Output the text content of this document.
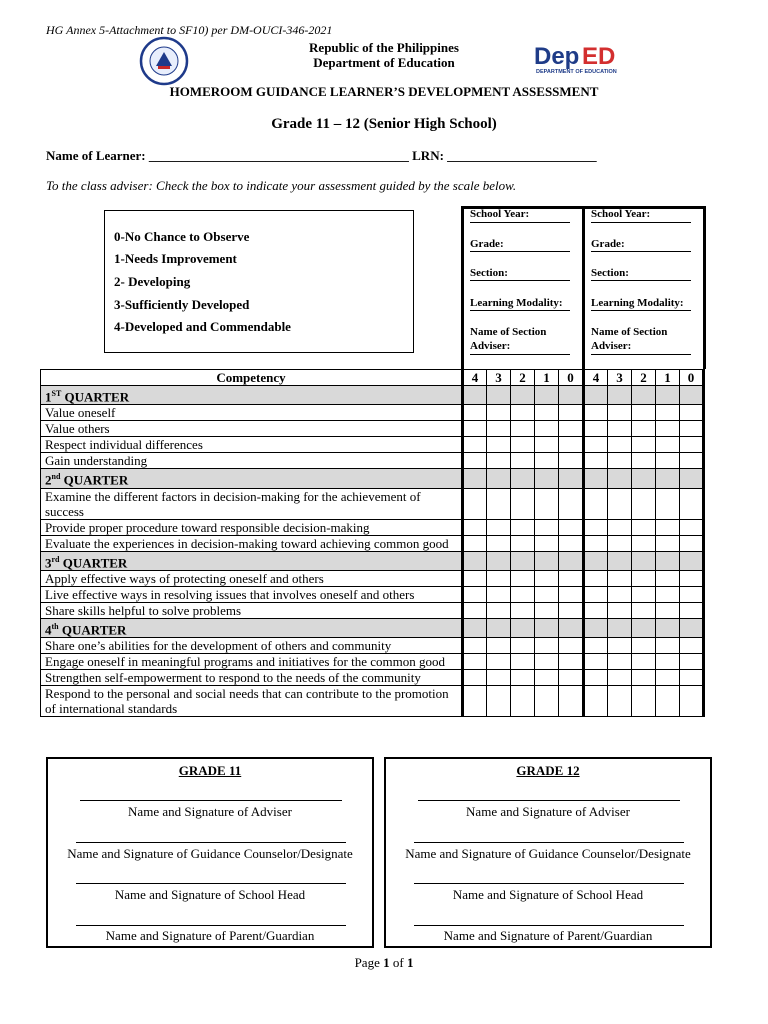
HG Annex 5-Attachment to SF10) per DM-OUCI-346-2021
Republic of the Philippines
Department of Education	Dep ED
DEPARTMENT OF EDUCATION
HOMEROOM GUIDANCE LEARNER’S DEVELOPMENT ASSESSMENT
Grade 11 – 12 (Senior High School)
Name of Learner: ________________________________________ LRN: _______________________
To the class adviser: Check the box to indicate your assessment guided by the scale below.
0-No Chance to Observe
1-Needs Improvement
2- Developing
3-Sufficiently Developed
4-Developed and Commendable
School Year:
Grade:
Section:
Learning Modality:
Name of Section
Adviser:
School Year:
Grade:
Section:
Learning Modality:
Name of Section
Adviser:
Competency	4	3	2	1	0	4	3	2	1	0
1ST QUARTER										
Value oneself										
Value others										
Respect individual differences										
Gain understanding										
2nd QUARTER										
Examine the different factors in decision-making for the achievement of success										
Provide proper procedure toward responsible decision-making										
Evaluate the experiences in decision-making toward achieving common good										
3rd QUARTER										
Apply effective ways of protecting oneself and others										
Live effective ways in resolving issues that involves oneself and others										
Share skills helpful to solve problems										
4th QUARTER										
Share one’s abilities for the development of others and community										
Engage oneself in meaningful programs and initiatives for the common good										
Strengthen self-empowerment to respond to the needs of the community										
Respond to the personal and social needs that can contribute to the promotion of international standards										
GRADE 11
Name and Signature of Adviser
Name and Signature of Guidance Counselor/Designate
Name and Signature of School Head
Name and Signature of Parent/Guardian
GRADE 12
Name and Signature of Adviser
Name and Signature of Guidance Counselor/Designate
Name and Signature of School Head
Name and Signature of Parent/Guardian
Page 1 of 1
